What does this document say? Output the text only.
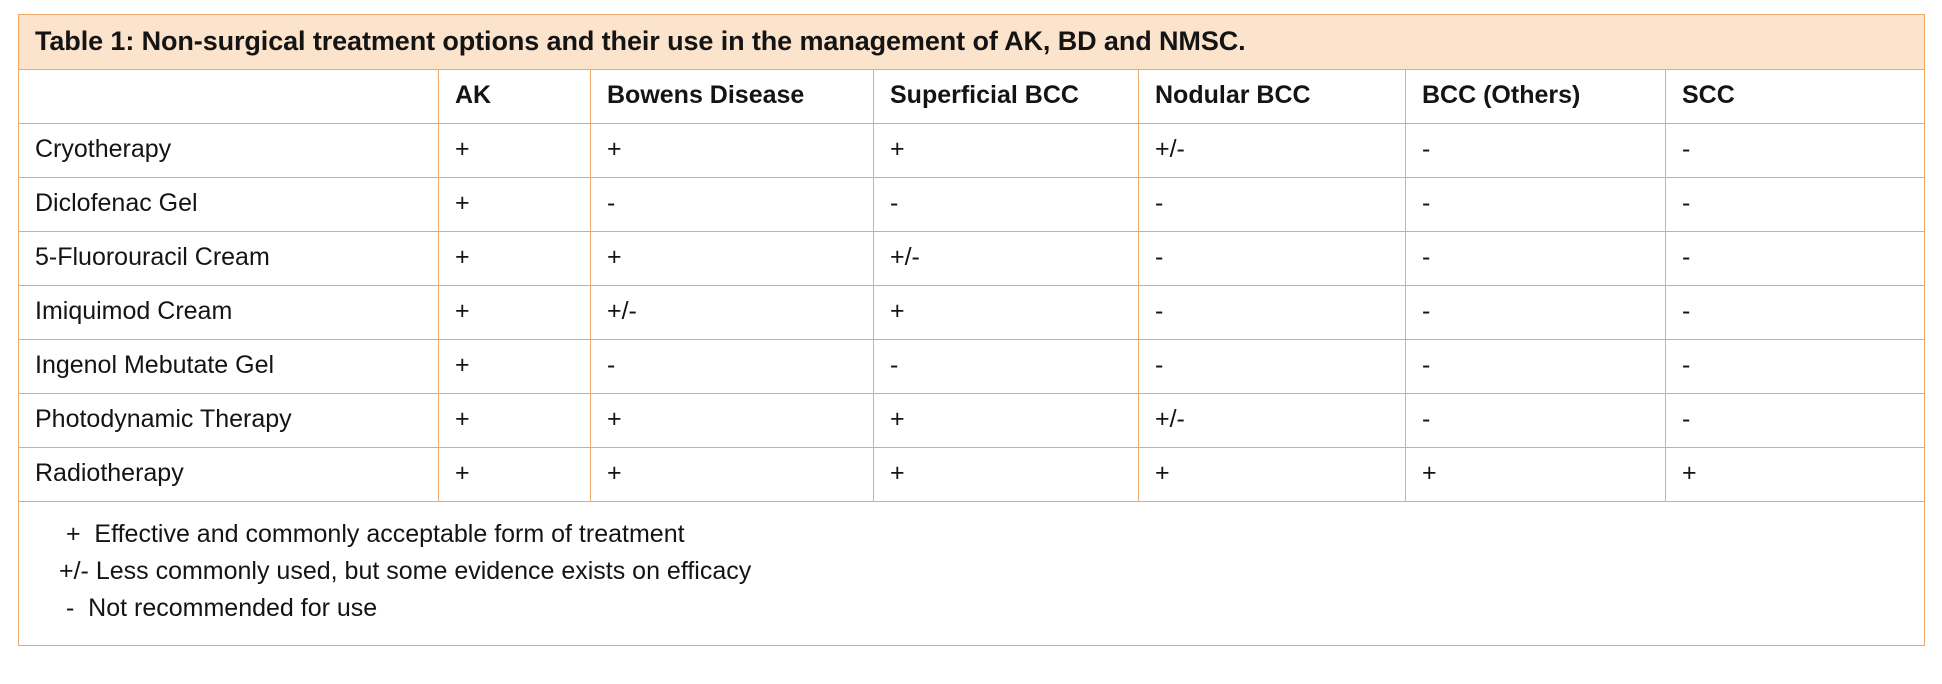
Table 1: Non-surgical treatment options and their use in the management of AK, BD and NMSC.						
	AK	Bowens Disease	Superficial BCC	Nodular BCC	BCC (Others)	SCC
Cryotherapy	+	+	+	+/-	-	-
Diclofenac Gel	+	-	-	-	-	-
5-Fluorouracil Cream	+	+	+/-	-	-	-
Imiquimod Cream	+	+/-	+	-	-	-
Ingenol Mebutate Gel	+	-	-	-	-	-
Photodynamic Therapy	+	+	+	+/-	-	-
Radiotherapy	+	+	+	+	+	+

+  Effective and commonly acceptable form of treatment
+/- Less commonly used, but some evidence exists on efficacy
-  Not recommended for use						
